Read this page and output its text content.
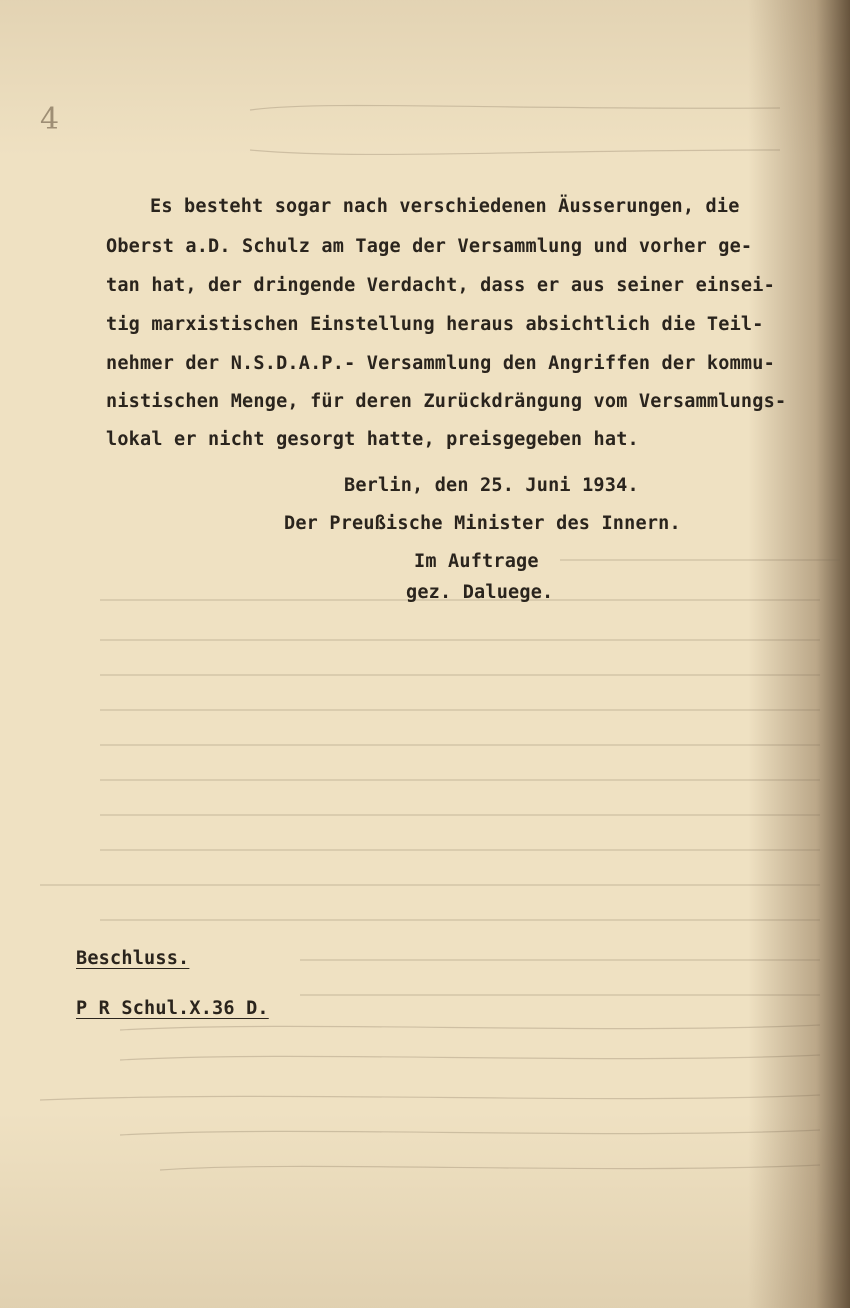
4
Es besteht sogar nach verschiedenen Äusserungen, die
Oberst a.D. Schulz am Tage der Versammlung und vorher ge-
tan hat, der dringende Verdacht, dass er aus seiner einsei-
tig marxistischen Einstellung heraus absichtlich die Teil-
nehmer der N.S.D.A.P.- Versammlung den Angriffen der kommu-
nistischen Menge, für deren Zurückdrängung vom Versammlungs-
lokal er nicht gesorgt hatte, preisgegeben hat.
Berlin, den 25. Juni 1934.
Der Preußische Minister des Innern.
Im Auftrage
gez. Daluege.
Beschluss.
P R Schul.X.36 D.
